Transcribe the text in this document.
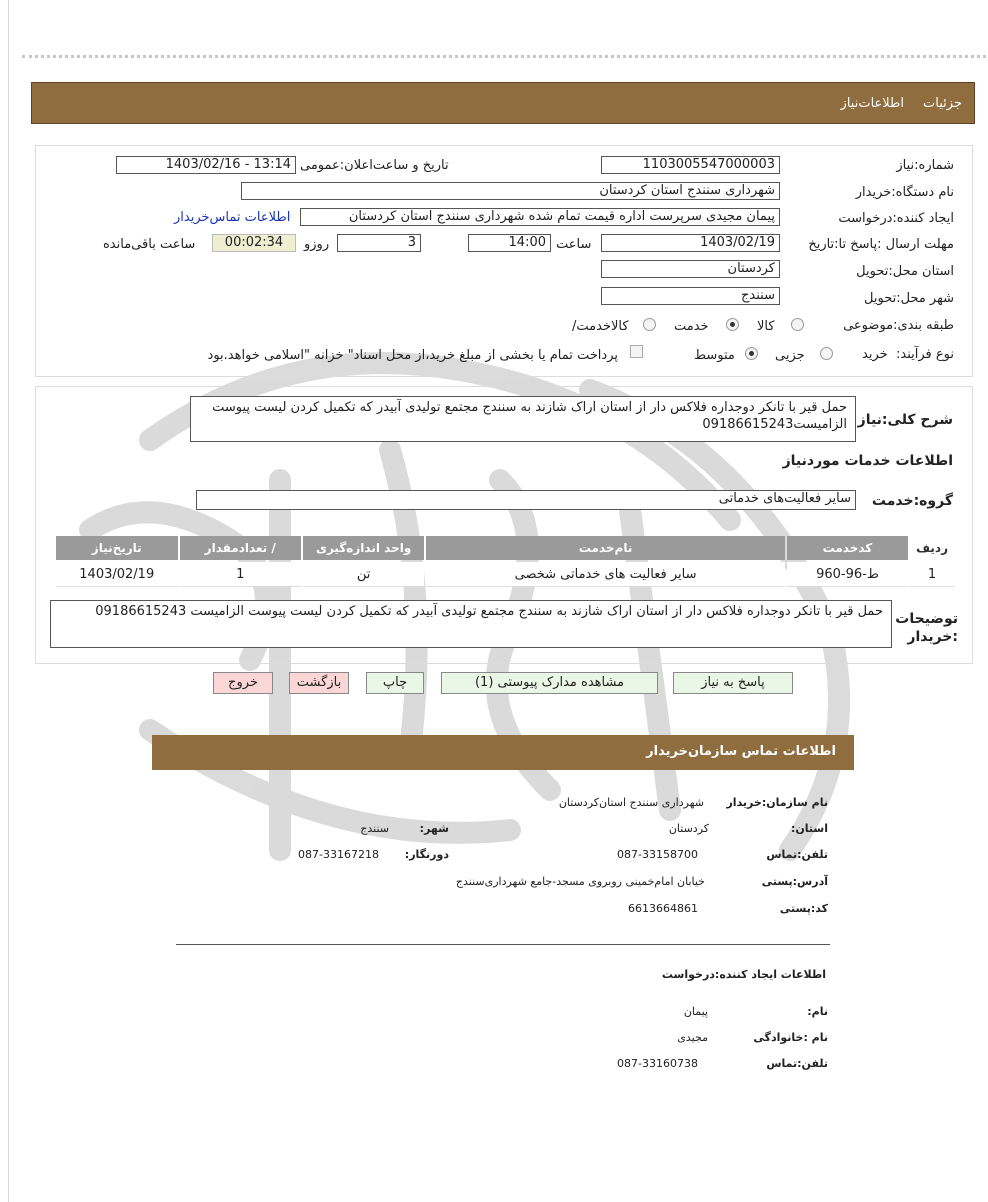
جزئیات
اطلاعات‌نیاز
شماره‌:نیاز
1103005547000003
تاریخ و ساعت‌اعلان:عمومی
1403/02/16 - 13:14
نام دستگاه‌:خریدار
شهرداری سنندج استان کردستان
ایجاد کننده‌:درخواست
پیمان مجیدی سرپرست اداره قیمت تمام شده شهرداری سنندج استان کردستان
اطلاعات تماس‌خریدار
مهلت ارسال :پاسخ تا:تاریخ
1403/02/19
ساعت
14:00
3
روزو
00:02:34
ساعت باقی‌مانده
استان محل:تحویل
کردستان
شهر محل:تحویل
سنندج
طبقه بندی:موضوعی
کالا
خدمت
/کالاخدمت
نوع فرآیند:
خرید
جزیی
متوسط
پرداخت تمام یا بخشی از مبلغ خرید،از محل اسناد" خزانه "اسلامی خواهد.بود
شرح کلی:نیاز
حمل قیر با تانکر دوجداره فلاکس دار از استان اراک شازند به سنندج مجتمع تولیدی آبیدر که تکمیل کردن لیست پیوست الزامیست09186615243
اطلاعات خدمات موردنیاز
گروه:خدمت
سایر فعالیت‌های خدماتی
ردیف	کدخدمت	نام‌خدمت	واحد اندازه‌گیری	/ تعدادمقدار	تاریخ‌نیاز
1	ط-96-960	سایر فعالیت های خدماتی شخصی	تن	1	1403/02/19
توضیحات :خریدار
حمل قیر با تانکر دوجداره فلاکس دار از استان اراک شازند به سنندج مجتمع تولیدی آبیدر که تکمیل کردن لیست پیوست الزامیست 09186615243
پاسخ به نیاز
مشاهده مدارک پیوستی (1)
چاپ
بازگشت
خروج
اطلاعات تماس سازمان‌خریدار
نام سازمان:خریدار
شهرداری سنندج استان‌کردستان
:استان
کردستان
:شهر
سنندج
تلفن:تماس
087-33158700
:دورنگار
087-33167218
آدرس:پستی
خیابان امام‌خمینی روبروی مسجد-جامع شهرداری‌سنندج
کد:پستی
6613664861
اطلاعات ایجاد کننده‌:درخواست
:نام
پیمان
نام :خانوادگی
مجیدی
تلفن:تماس
087-33160738
